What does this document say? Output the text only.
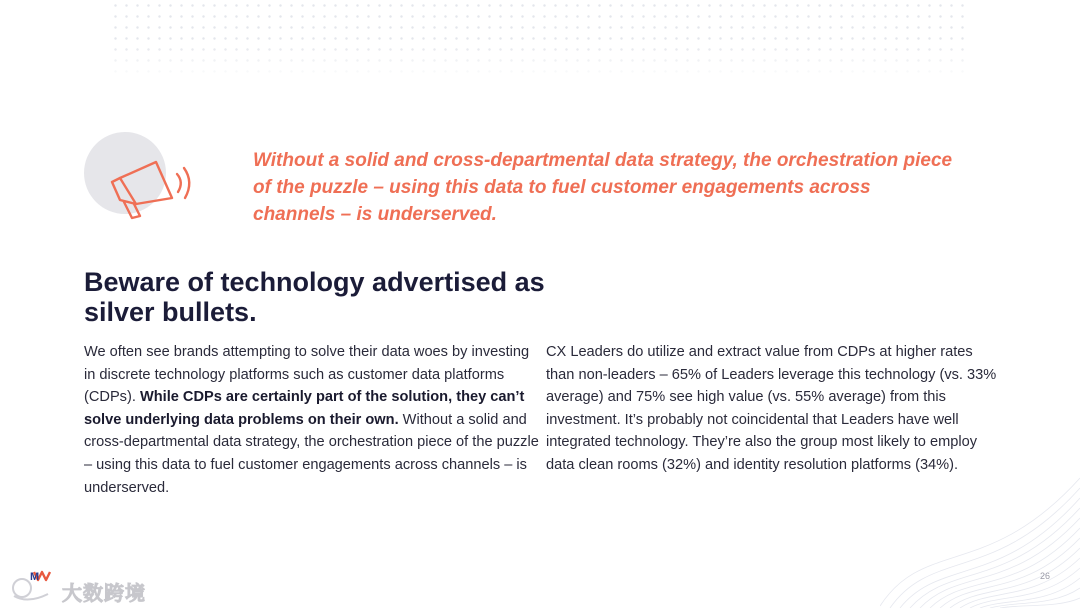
Without a solid and cross-departmental data strategy, the orchestration piece of the puzzle – using this data to fuel customer engagements across channels – is underserved.

Beware of technology advertised as silver bullets.

We often see brands attempting to solve their data woes by investing in discrete technology platforms such as customer data platforms (CDPs). While CDPs are certainly part of the solution, they can’t solve underlying data problems on their own. Without a solid and cross-departmental data strategy, the orchestration piece of the puzzle – using this data to fuel customer engagements across channels – is underserved.

CX Leaders do utilize and extract value from CDPs at higher rates than non-leaders – 65% of Leaders leverage this technology (vs. 33% average) and 75% see high value (vs. 55% average) from this investment. It’s probably not coincidental that Leaders have well integrated technology. They’re also the group most likely to employ data clean rooms (32%) and identity resolution platforms (34%).

26
M
大数跨境
